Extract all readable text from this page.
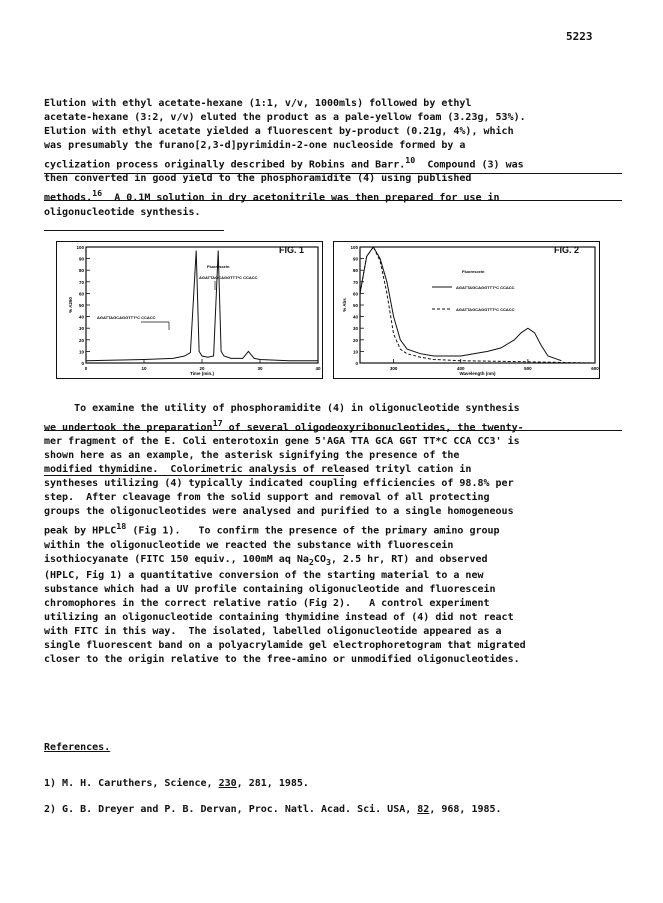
5223
Elution with ethyl acetate-hexane (1:1, v/v, 1000mls) followed by ethyl
acetate-hexane (3:2, v/v) eluted the product as a pale-yellow foam (3.23g, 53%).
Elution with ethyl acetate yielded a fluorescent by-product (0.21g, 4%), which
was presumably the furano[2,3-d]pyrimidin-2-one nucleoside formed by a
cyclization process originally described by Robins and Barr.$^{10}$ Compound (3) was
then converted in good yield to the phosphoramidite (4) using published
methods.$^{16}$ A 0.1M solution in dry acetonitrile was then prepared for use in
oligonucleotide synthesis.
FIG. 1
100
90
80
70
60
50
40
30
20
10
0
0	10	20	30	40
% A260
Time (min.)
Fluorescein
AGATTAGCAGGTTT*C CCACC
AGATTAGCAGGTTT*C CCACC
FIG. 2
100
90
80
70
60
50
40
30
20
10
0
300	400	500	600
% Abs
Wavelength (nm)
Fluorescein
AGATTAGCAGGTTT*C CCACC
AGATTAGCAGGTTT*C CCACC
To examine the utility of phosphoramidite (4) in oligonucleotide synthesis
we undertook the preparation$^{17}$ of several oligodeoxyribonucleotides, the twenty-
mer fragment of the E. Coli enterotoxin gene 5'AGA TTA GCA GGT TT*C CCA CC3' is
shown here as an example, the asterisk signifying the presence of the
modified thymidine.  Colorimetric analysis of released trityl cation in
syntheses utilizing (4) typically indicated coupling efficiencies of 98.8% per
step.  After cleavage from the solid support and removal of all protecting
groups the oligonucleotides were analysed and purified to a single homogeneous
peak by HPLC$^{18}$ (Fig 1).   To confirm the presence of the primary amino group
within the oligonucleotide we reacted the substance with fluorescein
isothiocyanate (FITC 150 equiv., 100mM aq $Na_2CO_3$, 2.5 hr, RT) and observed
(HPLC, Fig 1) a quantitative conversion of the starting material to a new
substance which had a UV profile containing oligonucleotide and fluorescein
chromophores in the correct relative ratio (Fig 2).   A control experiment
utilizing an oligonucleotide containing thymidine instead of (4) did not react
with FITC in this way.  The isolated, labelled oligonucleotide appeared as a
single fluorescent band on a polyacrylamide gel electrophoretogram that migrated
closer to the origin relative to the free-amino or unmodified oligonucleotides.
References.
1) M. H. Caruthers, Science, 230, 281, 1985.
2) G. B. Dreyer and P. B. Dervan, Proc. Natl. Acad. Sci. USA, 82, 968, 1985.
